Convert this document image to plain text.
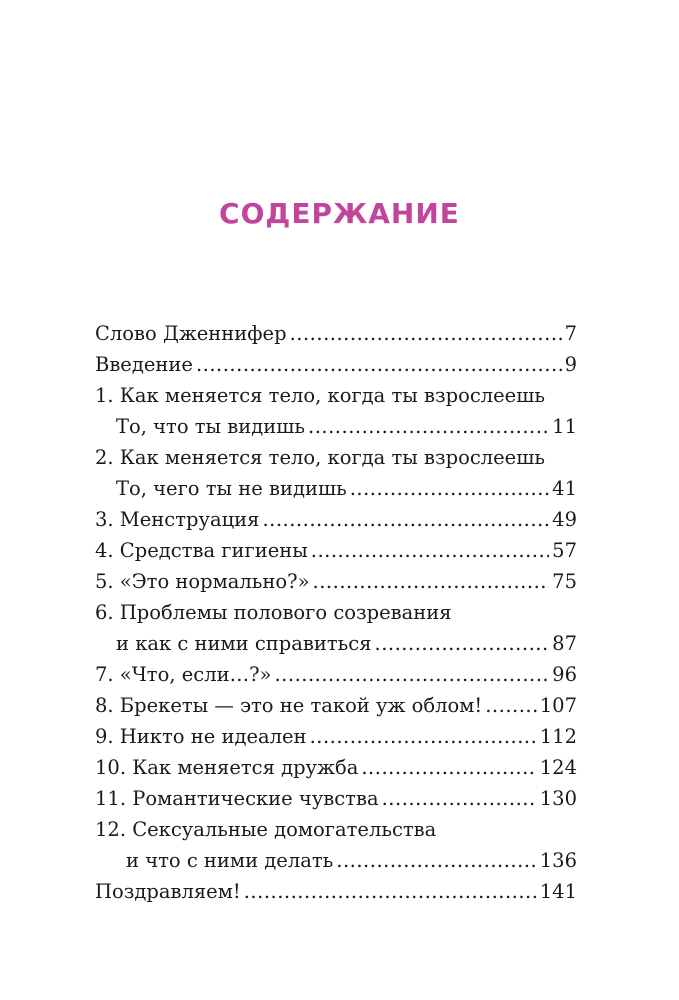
СОДЕРЖАНИЕ
Слово Дженнифер .....	7
Введение .....	9
1. Как меняется тело, когда ты взрослеешь
То, что ты видишь .....	11
2. Как меняется тело, когда ты взрослеешь
То, чего ты не видишь .....	41
3. Менструация .....	49
4. Средства гигиены .....	57
5. «Это нормально?» .....	75
6. Проблемы полового созревания
и как с ними справиться .....	87
7. «Что, если…?» .....	96
8. Брекеты — это не такой уж облом! .....	107
9. Никто не идеален .....	112
10. Как меняется дружба .....	124
11. Романтические чувства .....	130
12. Сексуальные домогательства
и что с ними делать .....	136
Поздравляем! .....	141
